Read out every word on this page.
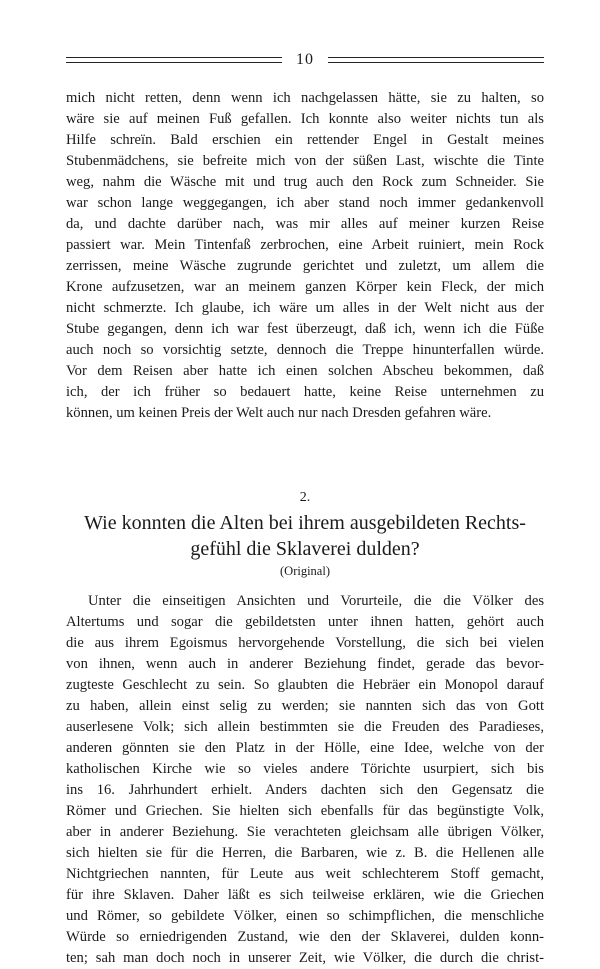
10
mich nicht retten, denn wenn ich nachgelassen hätte, sie zu halten, so
wäre sie auf meinen Fuß gefallen. Ich konnte also weiter nichts tun als
Hilfe schreïn. Bald erschien ein rettender Engel in Gestalt meines
Stubenmädchens, sie befreite mich von der süßen Last, wischte die Tinte
weg, nahm die Wäsche mit und trug auch den Rock zum Schneider. Sie
war schon lange weggegangen, ich aber stand noch immer gedankenvoll
da, und dachte darüber nach, was mir alles auf meiner kurzen Reise
passiert war. Mein Tintenfaß zerbrochen, eine Arbeit ruiniert, mein Rock
zerrissen, meine Wäsche zugrunde gerichtet und zuletzt, um allem die
Krone aufzusetzen, war an meinem ganzen Körper kein Fleck, der mich
nicht schmerzte. Ich glaube, ich wäre um alles in der Welt nicht aus der
Stube gegangen, denn ich war fest überzeugt, daß ich, wenn ich die Füße
auch noch so vorsichtig setzte, dennoch die Treppe hinunterfallen würde.
Vor dem Reisen aber hatte ich einen solchen Abscheu bekommen, daß
ich, der ich früher so bedauert hatte, keine Reise unternehmen zu
können, um keinen Preis der Welt auch nur nach Dresden gefahren wäre.
2.
Wie konnten die Alten bei ihrem ausgebildeten Rechts-
gefühl die Sklaverei dulden?
(Original)
Unter die einseitigen Ansichten und Vorurteile, die die Völker des
Altertums und sogar die gebildetsten unter ihnen hatten, gehört auch
die aus ihrem Egoismus hervorgehende Vorstellung, die sich bei vielen
von ihnen, wenn auch in anderer Beziehung findet, gerade das bevor-
zugteste Geschlecht zu sein. So glaubten die Hebräer ein Monopol darauf
zu haben, allein einst selig zu werden; sie nannten sich das von Gott
auserlesene Volk; sich allein bestimmten sie die Freuden des Paradieses,
anderen gönnten sie den Platz in der Hölle, eine Idee, welche von der
katholischen Kirche wie so vieles andere Törichte usurpiert, sich bis
ins 16. Jahrhundert erhielt. Anders dachten sich den Gegensatz die
Römer und Griechen. Sie hielten sich ebenfalls für das begünstigte Volk,
aber in anderer Beziehung. Sie verachteten gleichsam alle übrigen Völker,
sich hielten sie für die Herren, die Barbaren, wie z. B. die Hellenen alle
Nichtgriechen nannten, für Leute aus weit schlechterem Stoff gemacht,
für ihre Sklaven. Daher läßt es sich teilweise erklären, wie die Griechen
und Römer, so gebildete Völker, einen so schimpflichen, die menschliche
Würde so erniedrigenden Zustand, wie den der Sklaverei, dulden konn-
ten; sah man doch noch in unserer Zeit, wie Völker, die durch die christ-
